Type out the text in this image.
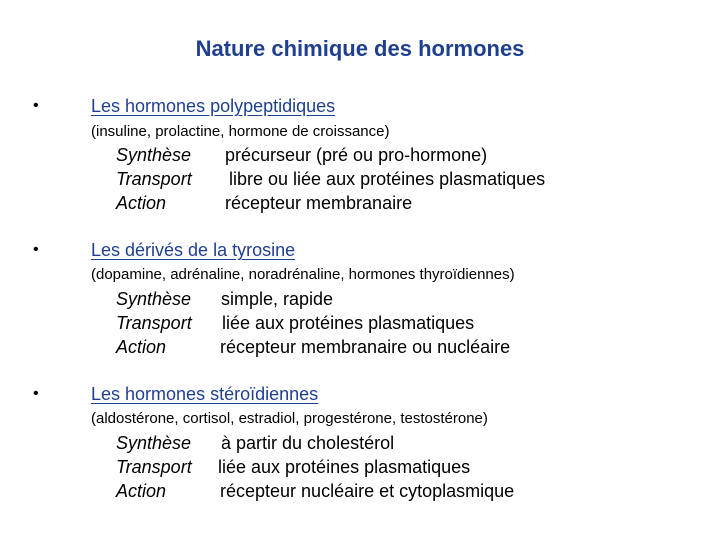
Nature chimique des hormones
•	Les hormones polypeptidiques
(insuline, prolactine, hormone de croissance)
Synthèse précurseur (pré ou pro-hormone)
Transport libre ou liée aux protéines plasmatiques
Action	récepteur membranaire
•	Les dérivés de la tyrosine
(dopamine, adrénaline, noradrénaline, hormones thyroïdiennes)
Synthèse simple, rapide
Transport liée aux protéines plasmatiques
Action	récepteur membranaire ou nucléaire
•	Les hormones stéroïdiennes
(aldostérone, cortisol, estradiol, progestérone, testostérone)
Synthèse à partir du cholestérol
Transport liée aux protéines plasmatiques
Action	récepteur nucléaire et cytoplasmique
